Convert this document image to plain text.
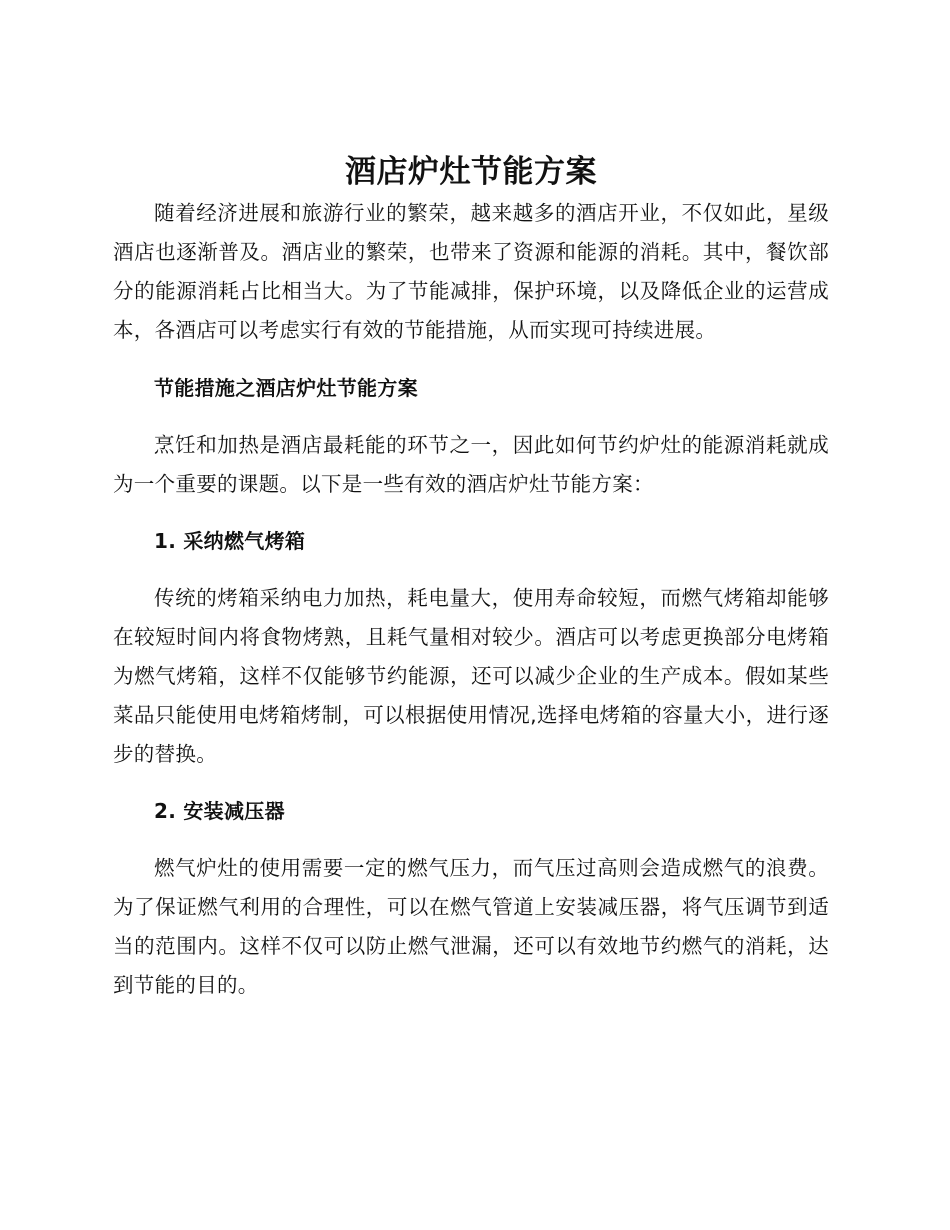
酒店炉灶节能方案

随着经济进展和旅游行业的繁荣，越来越多的酒店开业，不仅如此，星级酒店也逐渐普及。酒店业的繁荣，也带来了资源和能源的消耗。其中，餐饮部分的能源消耗占比相当大。为了节能减排，保护环境，以及降低企业的运营成本，各酒店可以考虑实行有效的节能措施，从而实现可持续进展。

节能措施之酒店炉灶节能方案

烹饪和加热是酒店最耗能的环节之一，因此如何节约炉灶的能源消耗就成为一个重要的课题。以下是一些有效的酒店炉灶节能方案：

1. 采纳燃气烤箱

传统的烤箱采纳电力加热，耗电量大，使用寿命较短，而燃气烤箱却能够在较短时间内将食物烤熟，且耗气量相对较少。酒店可以考虑更换部分电烤箱为燃气烤箱，这样不仅能够节约能源，还可以减少企业的生产成本。假如某些菜品只能使用电烤箱烤制，可以根据使用情况,选择电烤箱的容量大小，进行逐步的替换。

2. 安装减压器

燃气炉灶的使用需要一定的燃气压力，而气压过高则会造成燃气的浪费。为了保证燃气利用的合理性，可以在燃气管道上安装减压器，将气压调节到适当的范围内。这样不仅可以防止燃气泄漏，还可以有效地节约燃气的消耗，达到节能的目的。
